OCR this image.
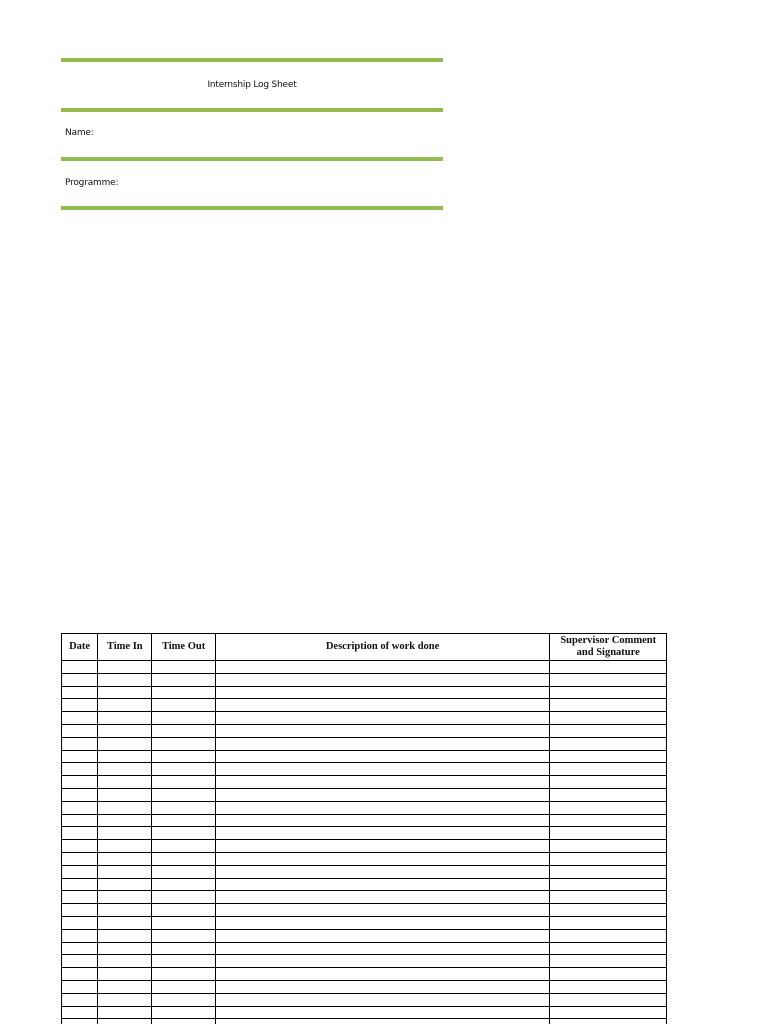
Internship Log Sheet
Name:
Programme:
Date	Time In	Time Out	Description of work done	Supervisor Comment and Signature
